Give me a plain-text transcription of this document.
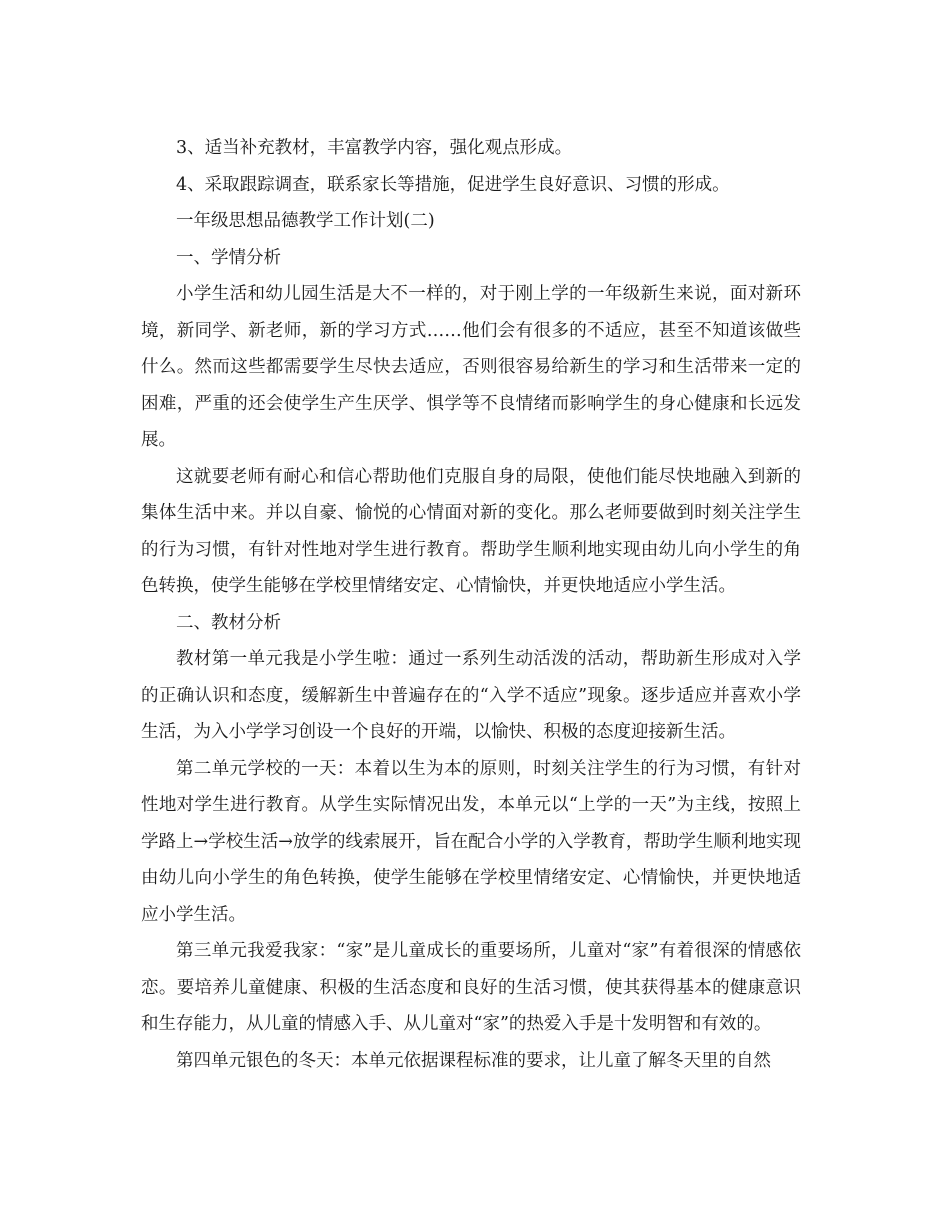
3、适当补充教材，丰富教学内容，强化观点形成。

4、采取跟踪调查，联系家长等措施，促进学生良好意识、习惯的形成。

一年级思想品德教学工作计划(二)

一、学情分析

小学生活和幼儿园生活是大不一样的，对于刚上学的一年级新生来说，面对新环境，新同学、新老师，新的学习方式……他们会有很多的不适应，甚至不知道该做些什么。然而这些都需要学生尽快去适应，否则很容易给新生的学习和生活带来一定的困难，严重的还会使学生产生厌学、惧学等不良情绪而影响学生的身心健康和长远发展。

这就要老师有耐心和信心帮助他们克服自身的局限，使他们能尽快地融入到新的集体生活中来。并以自豪、愉悦的心情面对新的变化。那么老师要做到时刻关注学生的行为习惯，有针对性地对学生进行教育。帮助学生顺利地实现由幼儿向小学生的角色转换，使学生能够在学校里情绪安定、心情愉快，并更快地适应小学生活。

二、教材分析

教材第一单元我是小学生啦：通过一系列生动活泼的活动，帮助新生形成对入学的正确认识和态度，缓解新生中普遍存在的“入学不适应”现象。逐步适应并喜欢小学生活，为入小学学习创设一个良好的开端，以愉快、积极的态度迎接新生活。

第二单元学校的一天：本着以生为本的原则，时刻关注学生的行为习惯，有针对性地对学生进行教育。从学生实际情况出发，本单元以“上学的一天”为主线，按照上学路上→学校生活→放学的线索展开，旨在配合小学的入学教育，帮助学生顺利地实现由幼儿向小学生的角色转换，使学生能够在学校里情绪安定、心情愉快，并更快地适应小学生活。

第三单元我爱我家：“家”是儿童成长的重要场所，儿童对“家”有着很深的情感依恋。要培养儿童健康、积极的生活态度和良好的生活习惯，使其获得基本的健康意识和生存能力，从儿童的情感入手、从儿童对“家”的热爱入手是十发明智和有效的。

第四单元银色的冬天：本单元依据课程标准的要求，让儿童了解冬天里的自然
